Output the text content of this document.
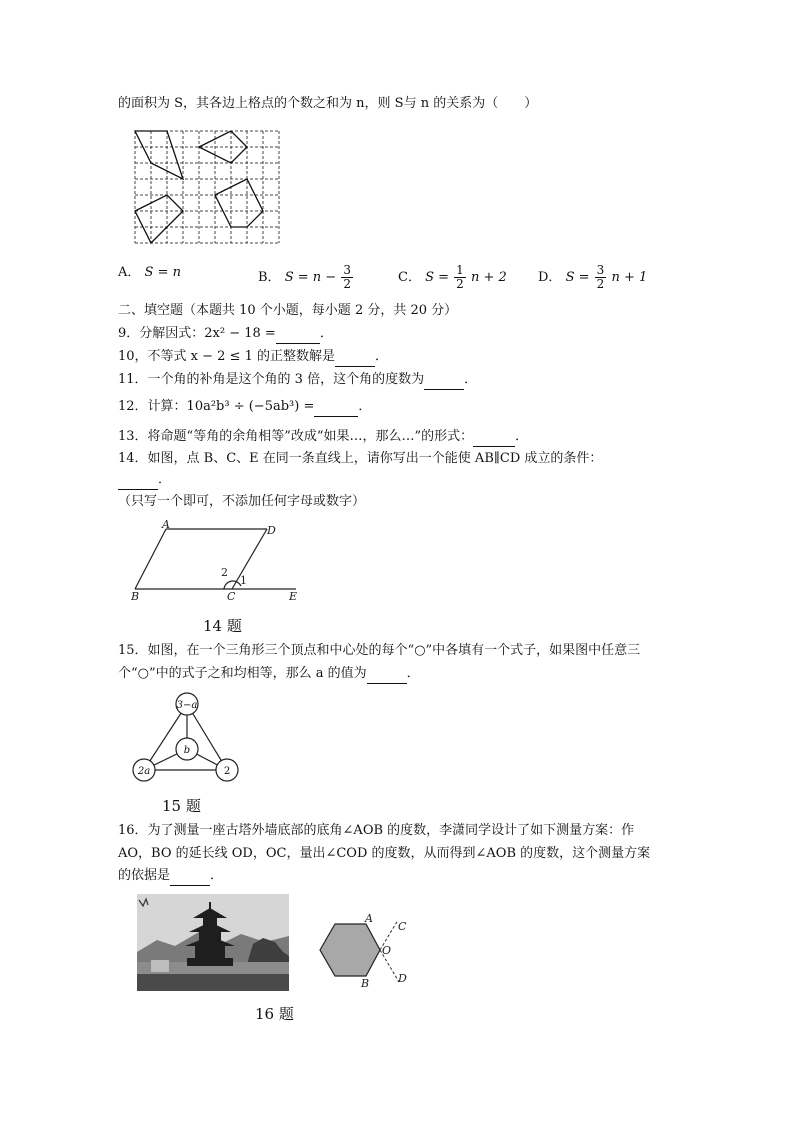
的面积为 S，其各边上格点的个数之和为 n，则 S与 n 的关系为（　　）
A． S = n	B． $S = n - \frac{3}{2}$	C． $S = \frac{1}{2}$ n + 2 D． $S = \frac{3}{2}$ n + 1
二、填空题（本题共 10 个小题，每小题 2 分，共 20 分）
9．分解因式：2x² − 18 =	．
10，不等式 x − 2 ≤ 1 的正整数解是	．
11．一个角的补角是这个角的 3 倍，这个角的度数为	．
12．计算：10a²b³ ÷ (−5ab³) =	．
13．将命题“等角的余角相等”改成“如果…，那么…”的形式：	．
14．如图，点 B、C、E 在同一条直线上，请你写出一个能使 AB∥CD 成立的条件：
．
（只写一个即可，不添加任何字母或数字）
A	D
B	C	E
2
1
14 题
15．如图，在一个三角形三个顶点和中心处的每个“○”中各填有一个式子，如果图中任意三
个“○”中的式子之和均相等，那么 a 的值为	．
3−a
b
2a	2
15 题
16．为了测量一座古塔外墙底部的底角∠AOB 的度数，李潇同学设计了如下测量方案：作
AO，BO 的延长线 OD，OC，量出∠COD 的度数，从而得到∠AOB 的度数，这个测量方案
的依据是	．
A
B
O
C
D
16 题
